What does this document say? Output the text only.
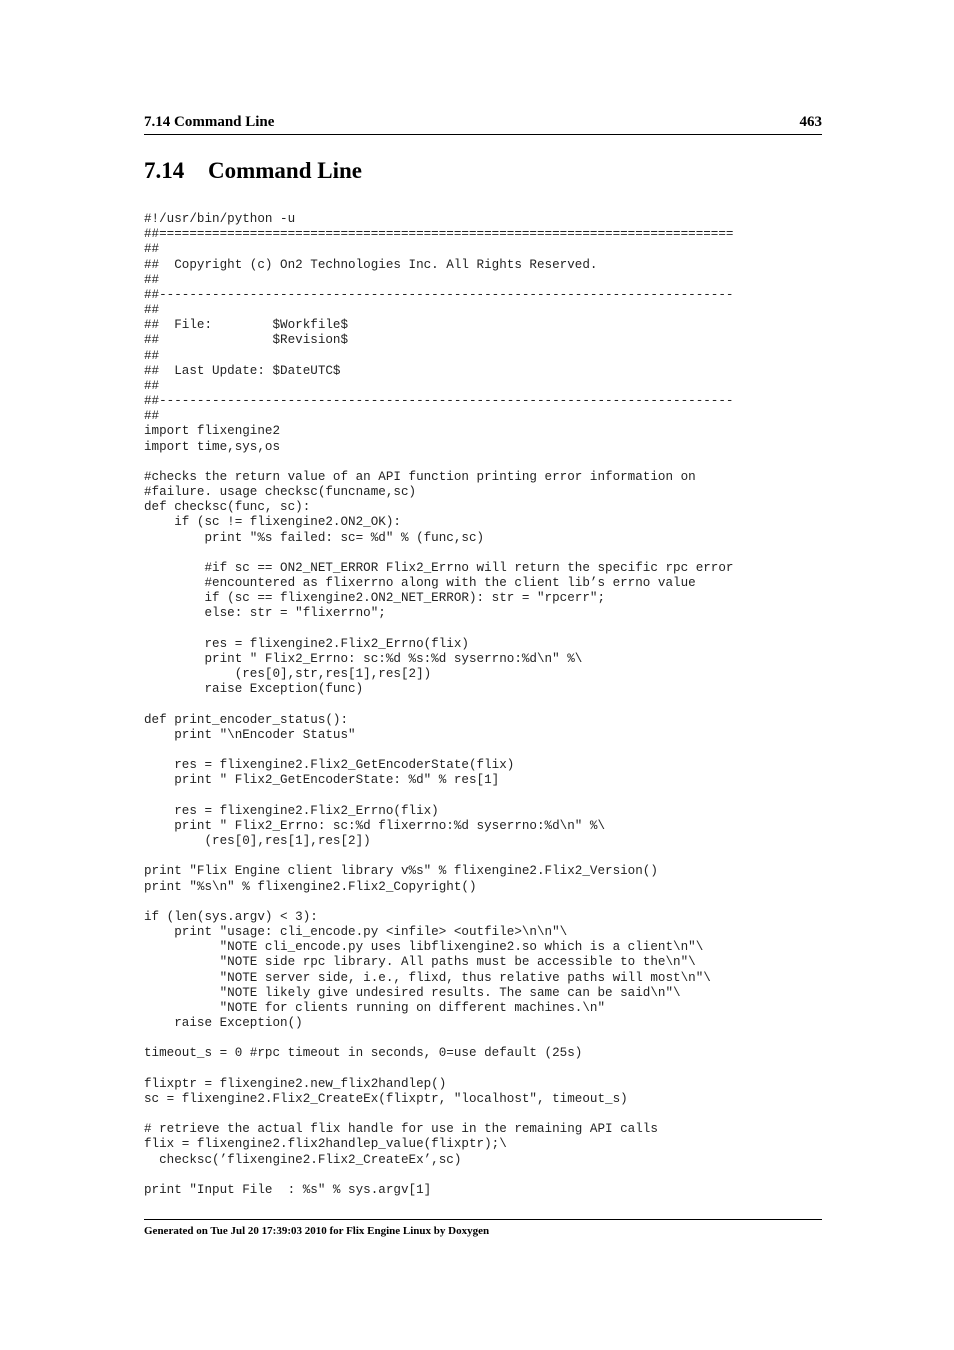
7.14 Command Line	463
7.14 Command Line
#!/usr/bin/python -u
##============================================================================
##
##  Copyright (c) On2 Technologies Inc. All Rights Reserved.
##
##----------------------------------------------------------------------------
##
##  File:        $Workfile$
##               $Revision$
##
##  Last Update: $DateUTC$
##
##----------------------------------------------------------------------------
##
import flixengine2
import time,sys,os
#checks the return value of an API function printing error information on
#failure. usage checksc(funcname,sc)
def checksc(func, sc):
if (sc != flixengine2.ON2_OK):
print "%s failed: sc= %d" % (func,sc)
#if sc == ON2_NET_ERROR Flix2_Errno will return the specific rpc error
#encountered as flixerrno along with the client lib’s errno value
if (sc == flixengine2.ON2_NET_ERROR): str = "rpcerr";
else: str = "flixerrno";
res = flixengine2.Flix2_Errno(flix)
print " Flix2_Errno: sc:%d %s:%d syserrno:%d\n" %\
(res[0],str,res[1],res[2])
raise Exception(func)
def print_encoder_status():
print "\nEncoder Status"
res = flixengine2.Flix2_GetEncoderState(flix)
print " Flix2_GetEncoderState: %d" % res[1]
res = flixengine2.Flix2_Errno(flix)
print " Flix2_Errno: sc:%d flixerrno:%d syserrno:%d\n" %\
(res[0],res[1],res[2])
print "Flix Engine client library v%s" % flixengine2.Flix2_Version()
print "%s\n" % flixengine2.Flix2_Copyright()
if (len(sys.argv) < 3):
print "usage: cli_encode.py <infile> <outfile>\n\n"\
"NOTE cli_encode.py uses libflixengine2.so which is a client\n"\
"NOTE side rpc library. All paths must be accessible to the\n"\
"NOTE server side, i.e., flixd, thus relative paths will most\n"\
"NOTE likely give undesired results. The same can be said\n"\
"NOTE for clients running on different machines.\n"
raise Exception()
timeout_s = 0 #rpc timeout in seconds, 0=use default (25s)
flixptr = flixengine2.new_flix2handlep()
sc = flixengine2.Flix2_CreateEx(flixptr, "localhost", timeout_s)
# retrieve the actual flix handle for use in the remaining API calls
flix = flixengine2.flix2handlep_value(flixptr);\
checksc(’flixengine2.Flix2_CreateEx’,sc)
print "Input File  : %s" % sys.argv[1]
Generated on Tue Jul 20 17:39:03 2010 for Flix Engine Linux by Doxygen
